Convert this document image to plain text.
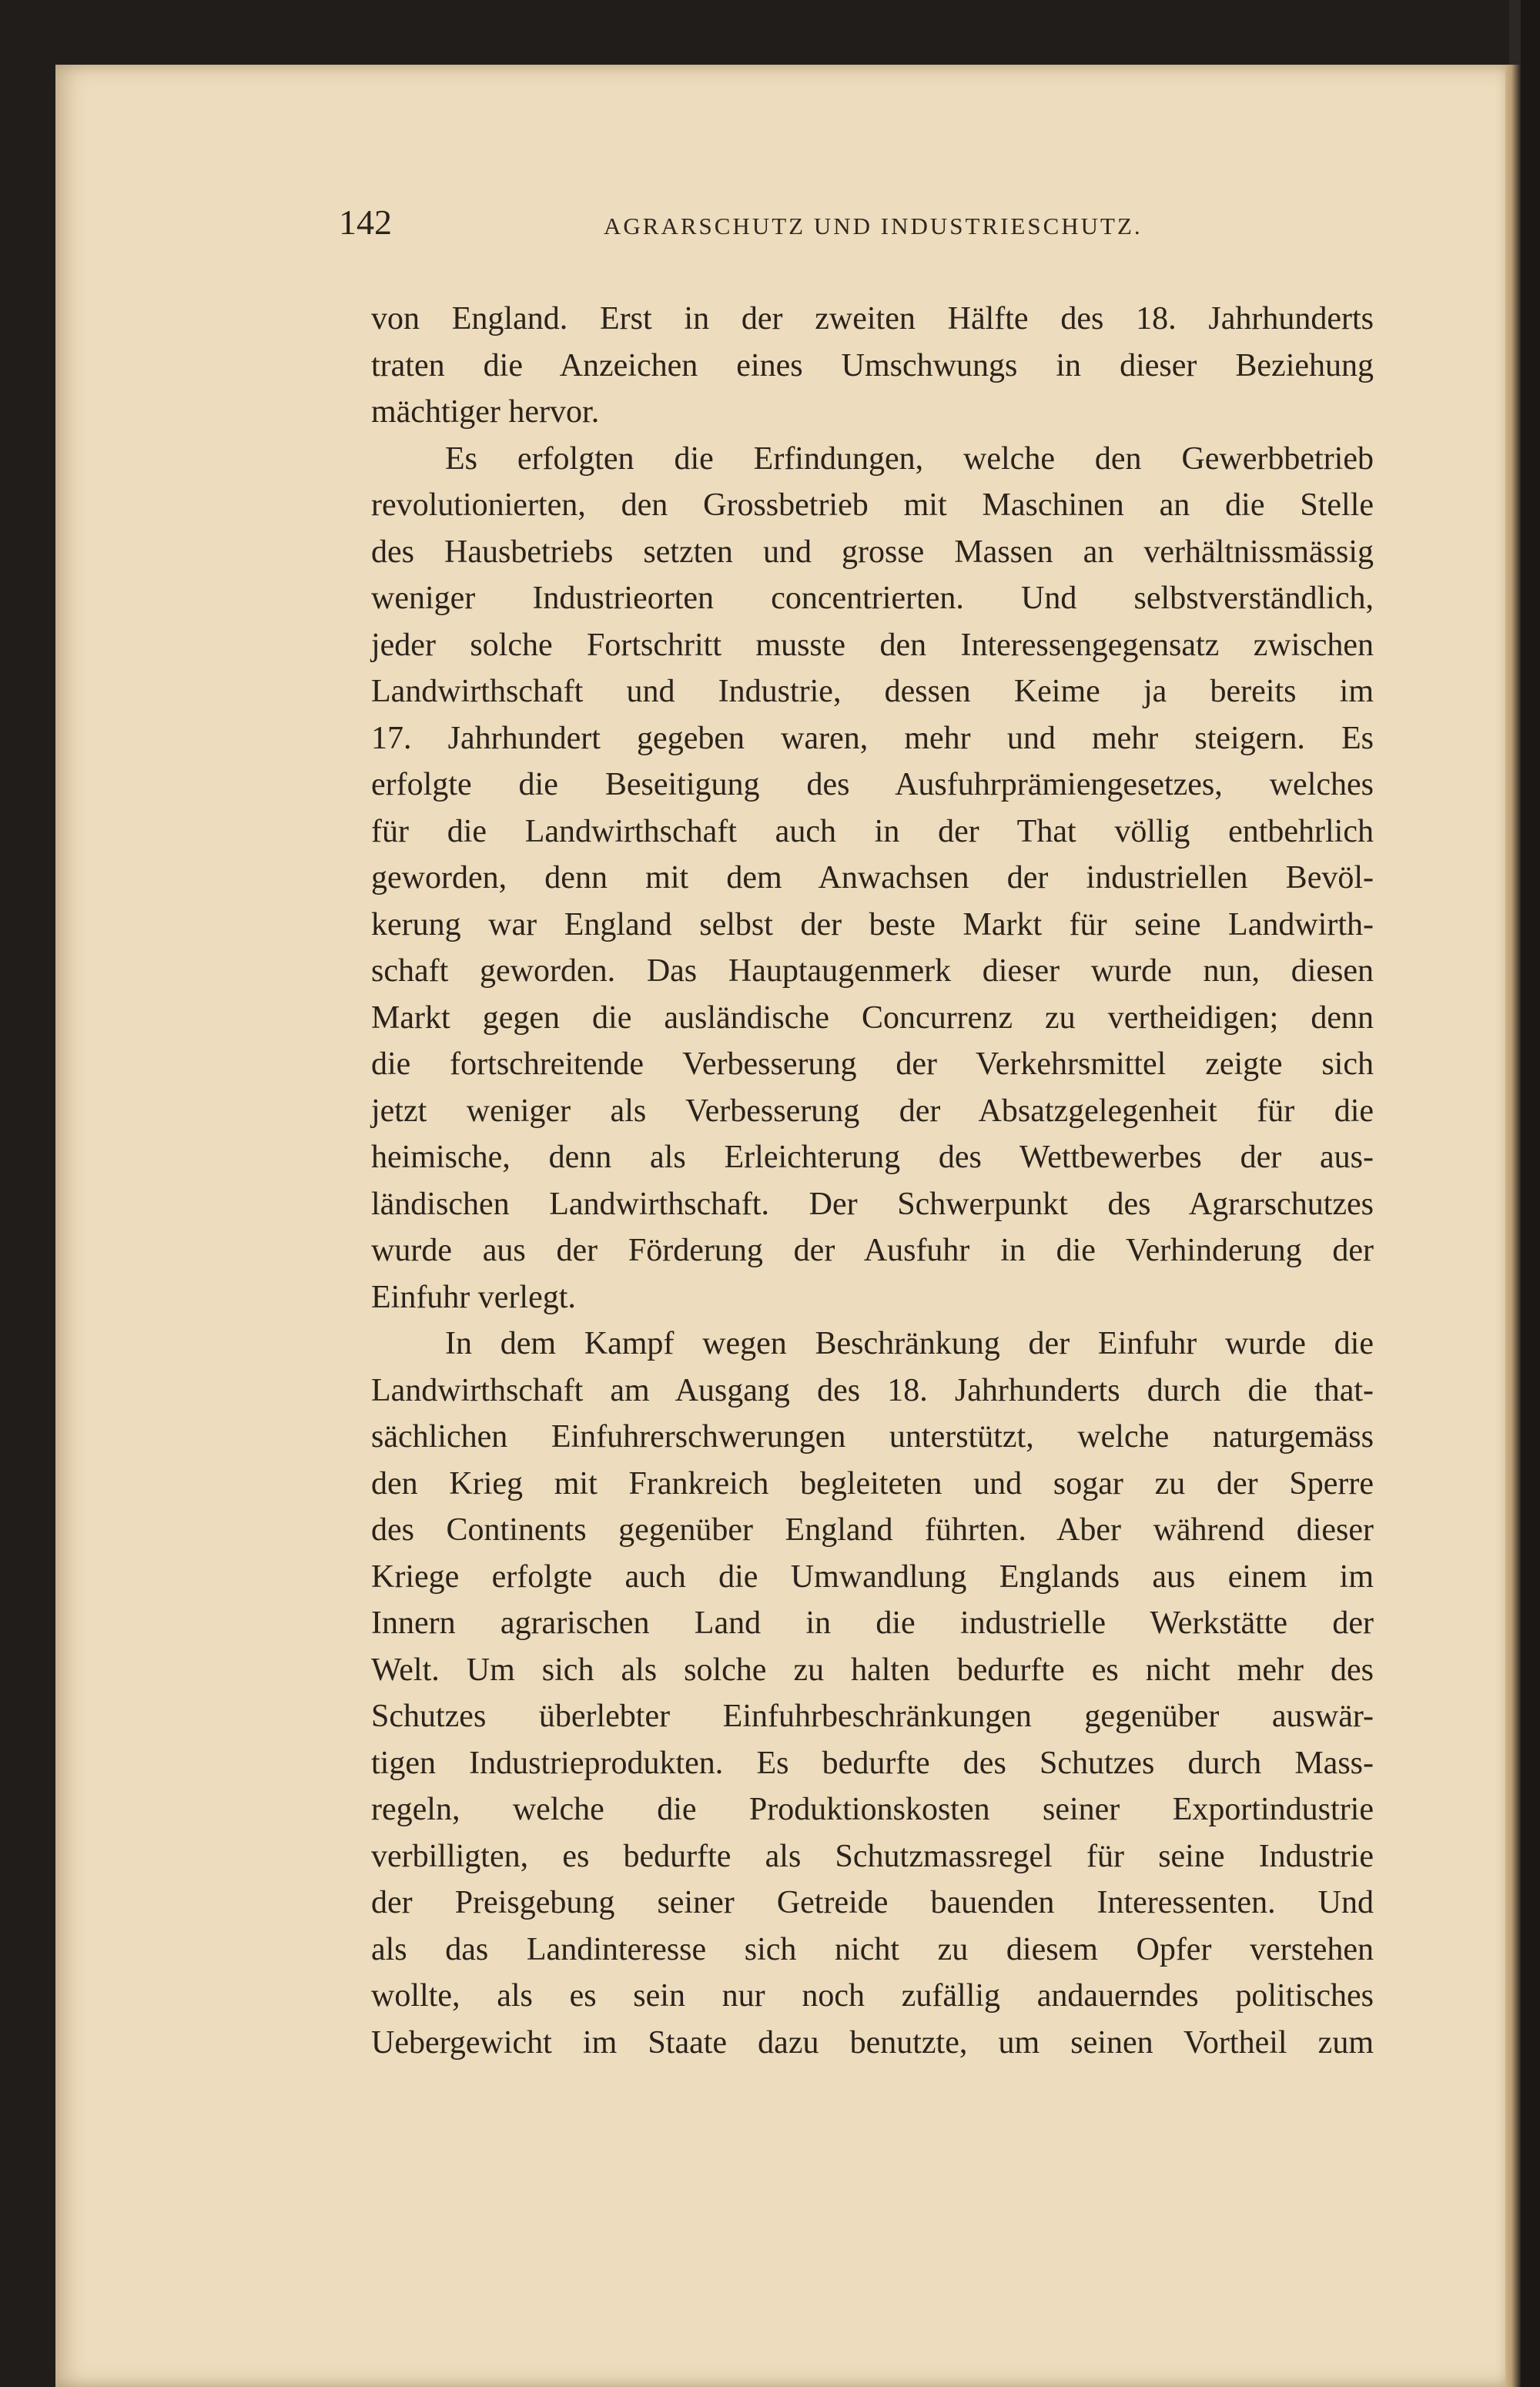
142	AGRARSCHUTZ UND INDUSTRIESCHUTZ.
von England. Erst in der zweiten Hälfte des 18. Jahrhunderts
traten die Anzeichen eines Umschwungs in dieser Beziehung
mächtiger hervor.
Es erfolgten die Erfindungen, welche den Gewerbbetrieb
revolutionierten, den Grossbetrieb mit Maschinen an die Stelle
des Hausbetriebs setzten und grosse Massen an verhältnissmässig
weniger Industrieorten concentrierten. Und selbstverständlich,
jeder solche Fortschritt musste den Interessengegensatz zwischen
Landwirthschaft und Industrie, dessen Keime ja bereits im
17. Jahrhundert gegeben waren, mehr und mehr steigern. Es
erfolgte die Beseitigung des Ausfuhrprämiengesetzes, welches
für die Landwirthschaft auch in der That völlig entbehrlich
geworden, denn mit dem Anwachsen der industriellen Bevöl-
kerung war England selbst der beste Markt für seine Landwirth-
schaft geworden. Das Hauptaugenmerk dieser wurde nun, diesen
Markt gegen die ausländische Concurrenz zu vertheidigen; denn
die fortschreitende Verbesserung der Verkehrsmittel zeigte sich
jetzt weniger als Verbesserung der Absatzgelegenheit für die
heimische, denn als Erleichterung des Wettbewerbes der aus-
ländischen Landwirthschaft. Der Schwerpunkt des Agrarschutzes
wurde aus der Förderung der Ausfuhr in die Verhinderung der
Einfuhr verlegt.
In dem Kampf wegen Beschränkung der Einfuhr wurde die
Landwirthschaft am Ausgang des 18. Jahrhunderts durch die that-
sächlichen Einfuhrerschwerungen unterstützt, welche naturgemäss
den Krieg mit Frankreich begleiteten und sogar zu der Sperre
des Continents gegenüber England führten. Aber während dieser
Kriege erfolgte auch die Umwandlung Englands aus einem im
Innern agrarischen Land in die industrielle Werkstätte der
Welt. Um sich als solche zu halten bedurfte es nicht mehr des
Schutzes überlebter Einfuhrbeschränkungen gegenüber auswär-
tigen Industrieprodukten. Es bedurfte des Schutzes durch Mass-
regeln, welche die Produktionskosten seiner Exportindustrie
verbilligten, es bedurfte als Schutzmassregel für seine Industrie
der Preisgebung seiner Getreide bauenden Interessenten. Und
als das Landinteresse sich nicht zu diesem Opfer verstehen
wollte, als es sein nur noch zufällig andauerndes politisches
Uebergewicht im Staate dazu benutzte, um seinen Vortheil zum
